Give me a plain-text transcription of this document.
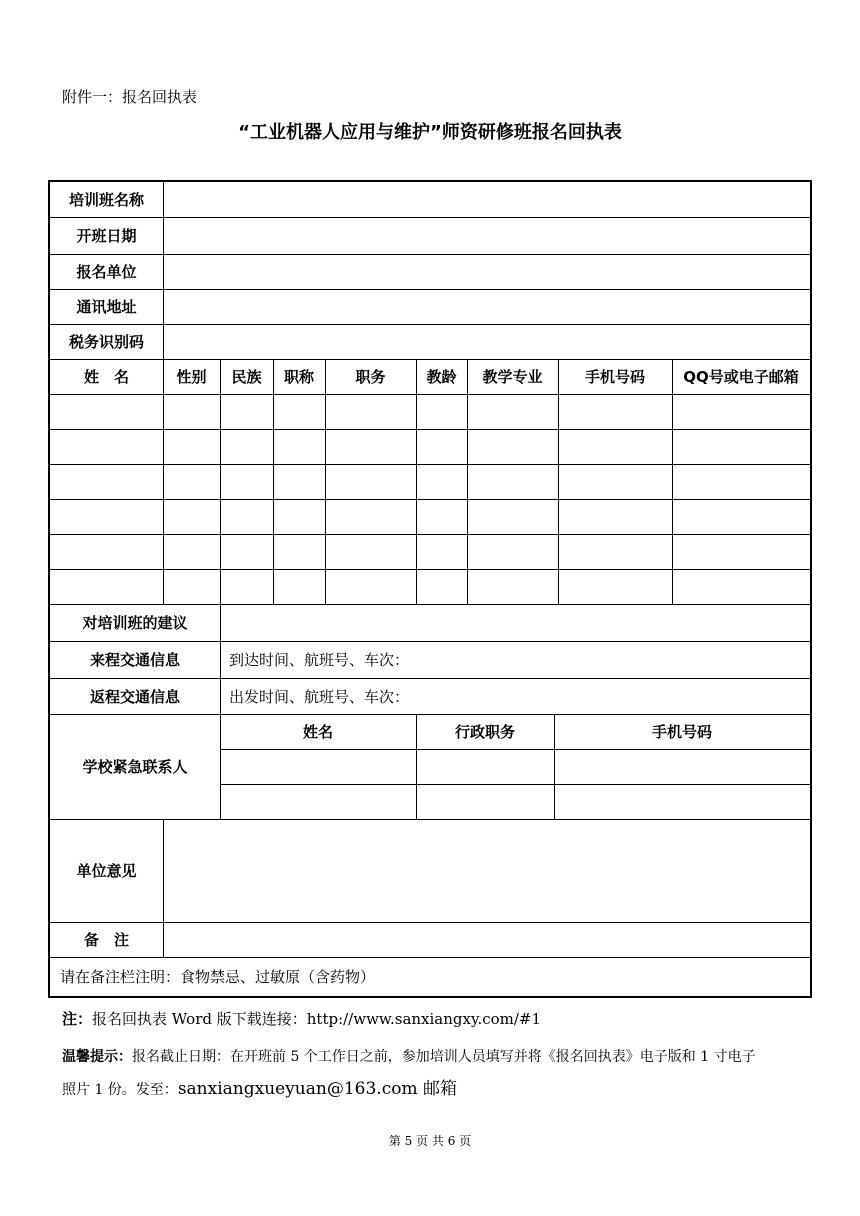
附件一：报名回执表
“工业机器人应用与维护”师资研修班报名回执表
培训班名称
开班日期
报名单位
通讯地址
税务识别码
姓　名	性别	民族	职称	职务	教龄	教学专业	手机号码	QQ号或电子邮箱
对培训班的建议
来程交通信息	到达时间、航班号、车次：
返程交通信息	出发时间、航班号、车次：
学校紧急联系人
姓名	行政职务	手机号码
单位意见
备　注
请在备注栏注明：食物禁忌、过敏原（含药物）
注：报名回执表 Word 版下载连接：http://www.sanxiangxy.com/#1
温馨提示：报名截止日期：在开班前 5 个工作日之前，参加培训人员填写并将《报名回执表》电子版和 1 寸电子
照片 1 份。发至：sanxiangxueyuan@163.com 邮箱
第 5 页 共 6 页
